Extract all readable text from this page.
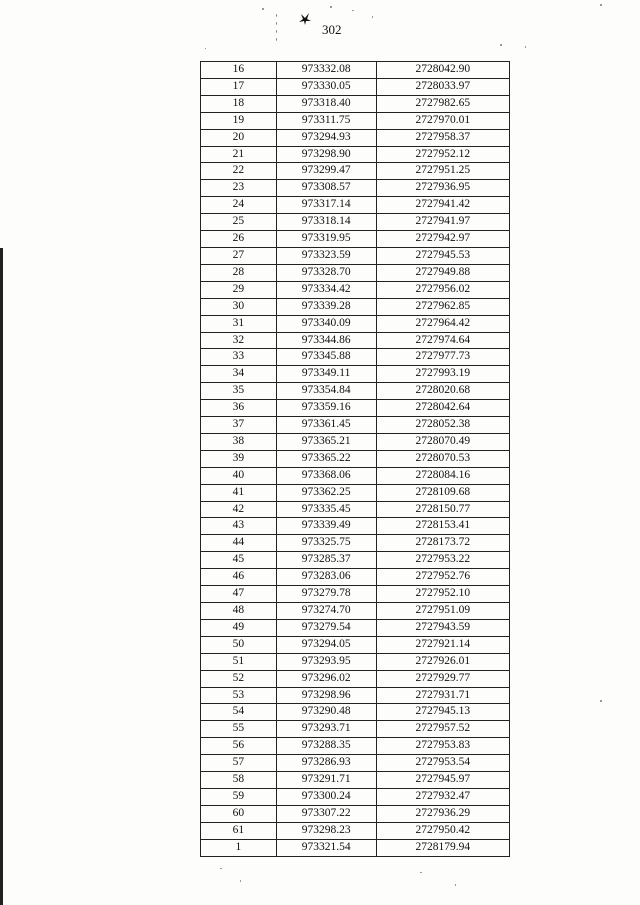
302
16	973332.08	2728042.90
17	973330.05	2728033.97
18	973318.40	2727982.65
19	973311.75	2727970.01
20	973294.93	2727958.37
21	973298.90	2727952.12
22	973299.47	2727951.25
23	973308.57	2727936.95
24	973317.14	2727941.42
25	973318.14	2727941.97
26	973319.95	2727942.97
27	973323.59	2727945.53
28	973328.70	2727949.88
29	973334.42	2727956.02
30	973339.28	2727962.85
31	973340.09	2727964.42
32	973344.86	2727974.64
33	973345.88	2727977.73
34	973349.11	2727993.19
35	973354.84	2728020.68
36	973359.16	2728042.64
37	973361.45	2728052.38
38	973365.21	2728070.49
39	973365.22	2728070.53
40	973368.06	2728084.16
41	973362.25	2728109.68
42	973335.45	2728150.77
43	973339.49	2728153.41
44	973325.75	2728173.72
45	973285.37	2727953.22
46	973283.06	2727952.76
47	973279.78	2727952.10
48	973274.70	2727951.09
49	973279.54	2727943.59
50	973294.05	2727921.14
51	973293.95	2727926.01
52	973296.02	2727929.77
53	973298.96	2727931.71
54	973290.48	2727945.13
55	973293.71	2727957.52
56	973288.35	2727953.83
57	973286.93	2727953.54
58	973291.71	2727945.97
59	973300.24	2727932.47
60	973307.22	2727936.29
61	973298.23	2727950.42
1	973321.54	2728179.94
